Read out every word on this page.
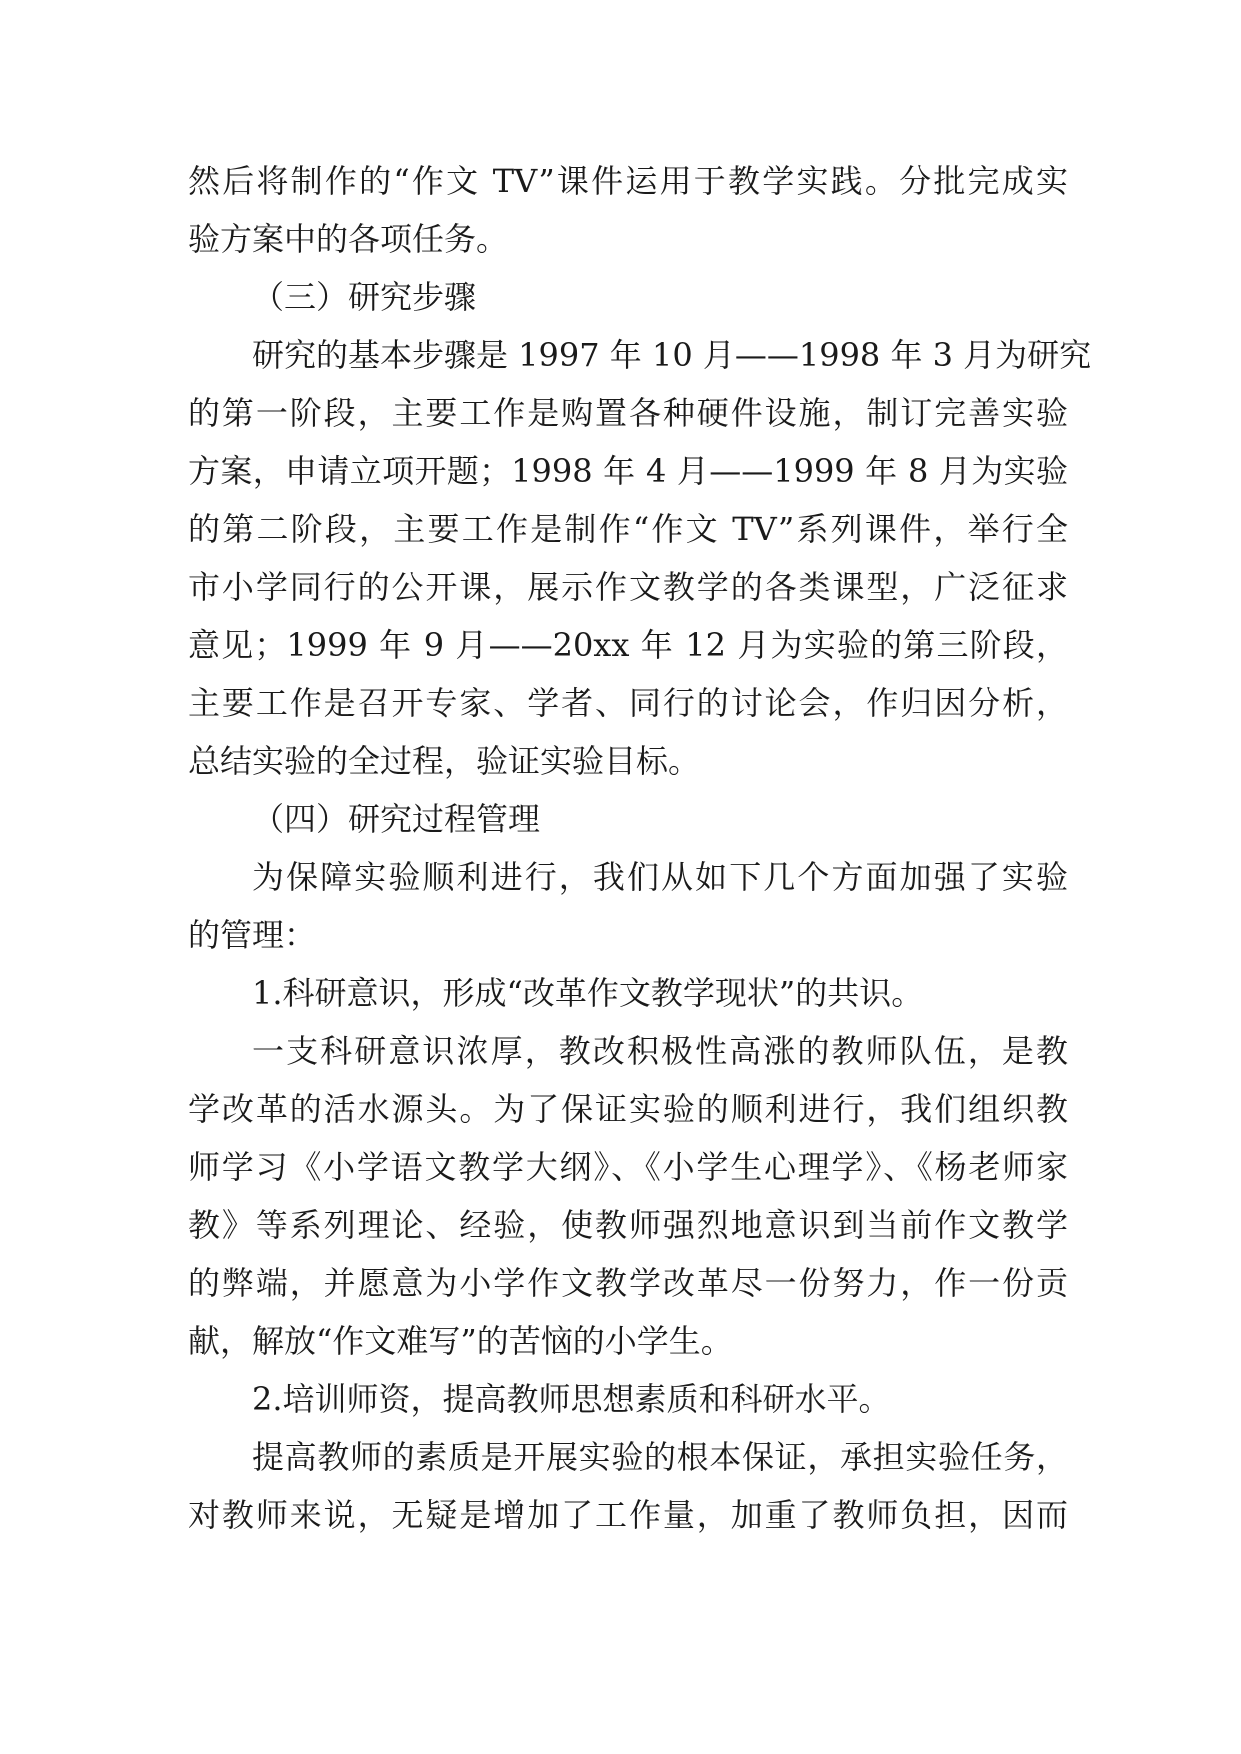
然后将制作的“作文 TV”课件运用于教学实践。分批完成实
验方案中的各项任务。
（三）研究步骤
研究的基本步骤是 1997 年 10 月——1998 年 3 月为研究
的第一阶段，主要工作是购置各种硬件设施，制订完善实验
方案，申请立项开题；1998 年 4 月——1999 年 8 月为实验
的第二阶段，主要工作是制作“作文 TV”系列课件，举行全
市小学同行的公开课，展示作文教学的各类课型，广泛征求
意见；1999 年 9 月——20xx 年 12 月为实验的第三阶段，
主要工作是召开专家、学者、同行的讨论会，作归因分析，
总结实验的全过程，验证实验目标。
（四）研究过程管理
为保障实验顺利进行，我们从如下几个方面加强了实验
的管理：
1.科研意识，形成“改革作文教学现状”的共识。
一支科研意识浓厚，教改积极性高涨的教师队伍，是教
学改革的活水源头。为了保证实验的顺利进行，我们组织教
师学习《小学语文教学大纲》、《小学生心理学》、《杨老师家
教》等系列理论、经验，使教师强烈地意识到当前作文教学
的弊端，并愿意为小学作文教学改革尽一份努力，作一份贡
献，解放“作文难写”的苦恼的小学生。
2.培训师资，提高教师思想素质和科研水平。
提高教师的素质是开展实验的根本保证，承担实验任务，
对教师来说，无疑是增加了工作量，加重了教师负担，因而
